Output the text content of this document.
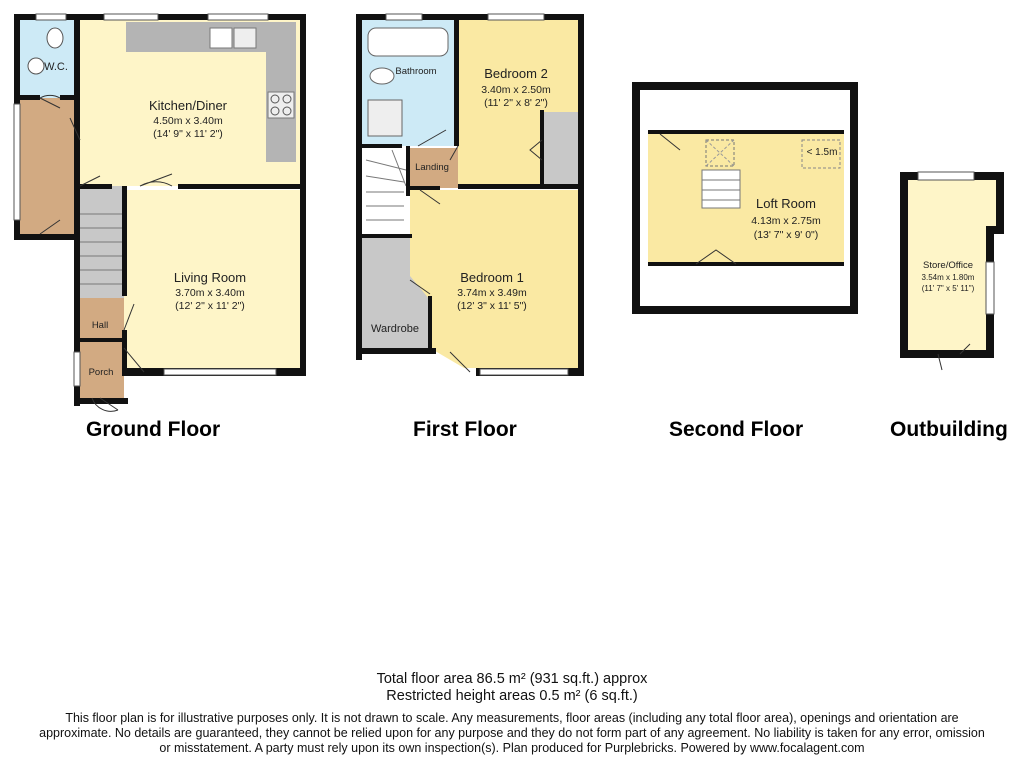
W.C.
Kitchen/Diner
4.50m x 3.40m
(14' 9" x 11' 2")
Living Room
3.70m x 3.40m
(12' 2" x 11' 2")
Hall
Porch
Bathroom	Bedroom 2
3.40m x 2.50m
(11' 2" x 8' 2")
Landing
Bedroom 1
3.74m x 3.49m
(12' 3" x 11' 5")
Wardrobe
Loft Room
4.13m x 2.75m
(13' 7" x 9' 0")
< 1.5m
Store/Office
3.54m x 1.80m
(11' 7" x 5' 11")
Ground Floor	First Floor	Second Floor	Outbuilding
Total floor area 86.5 m² (931 sq.ft.) approx
Restricted height areas 0.5 m² (6 sq.ft.)
This floor plan is for illustrative purposes only. It is not drawn to scale. Any measurements, floor areas (including any total floor area), openings and orientation are
approximate. No details are guaranteed, they cannot be relied upon for any purpose and they do not form part of any agreement. No liability is taken for any error, omission
or misstatement. A party must rely upon its own inspection(s). Plan produced for Purplebricks. Powered by www.focalagent.com
